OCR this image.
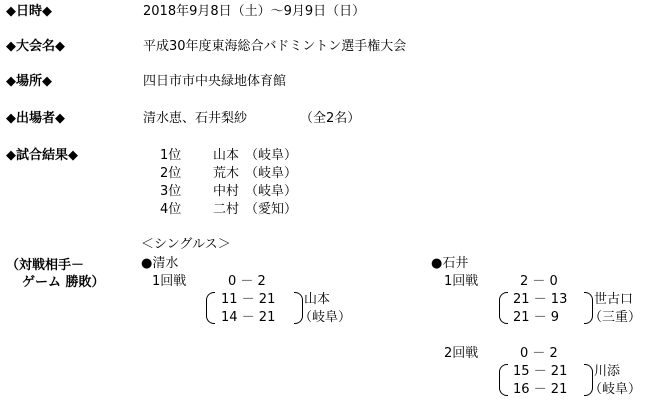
◆日時◆	2018年9月8日（土）～9月9日（日）
◆大会名◆	平成30年度東海総合バドミントン選手権大会
◆場所◆	四日市市中央緑地体育館
◆出場者◆	清水恵、石井梨紗	（全2名）
◆試合結果◆	1位 山本 （岐阜）
2位 荒木 （岐阜）
3位 中村 （岐阜）
4位 二村 （愛知）
＜シングルス＞
（対戦相手－
ゲーム 勝敗）
●清水
1回戦	0 － 2
11 － 21
14 － 21
山本
（岐阜）
●石井
1回戦	2 － 0
21 － 13
21 － 9
世古口
（三重）
2回戦	0 － 2
15 － 21
16 － 21
川添
（岐阜）
